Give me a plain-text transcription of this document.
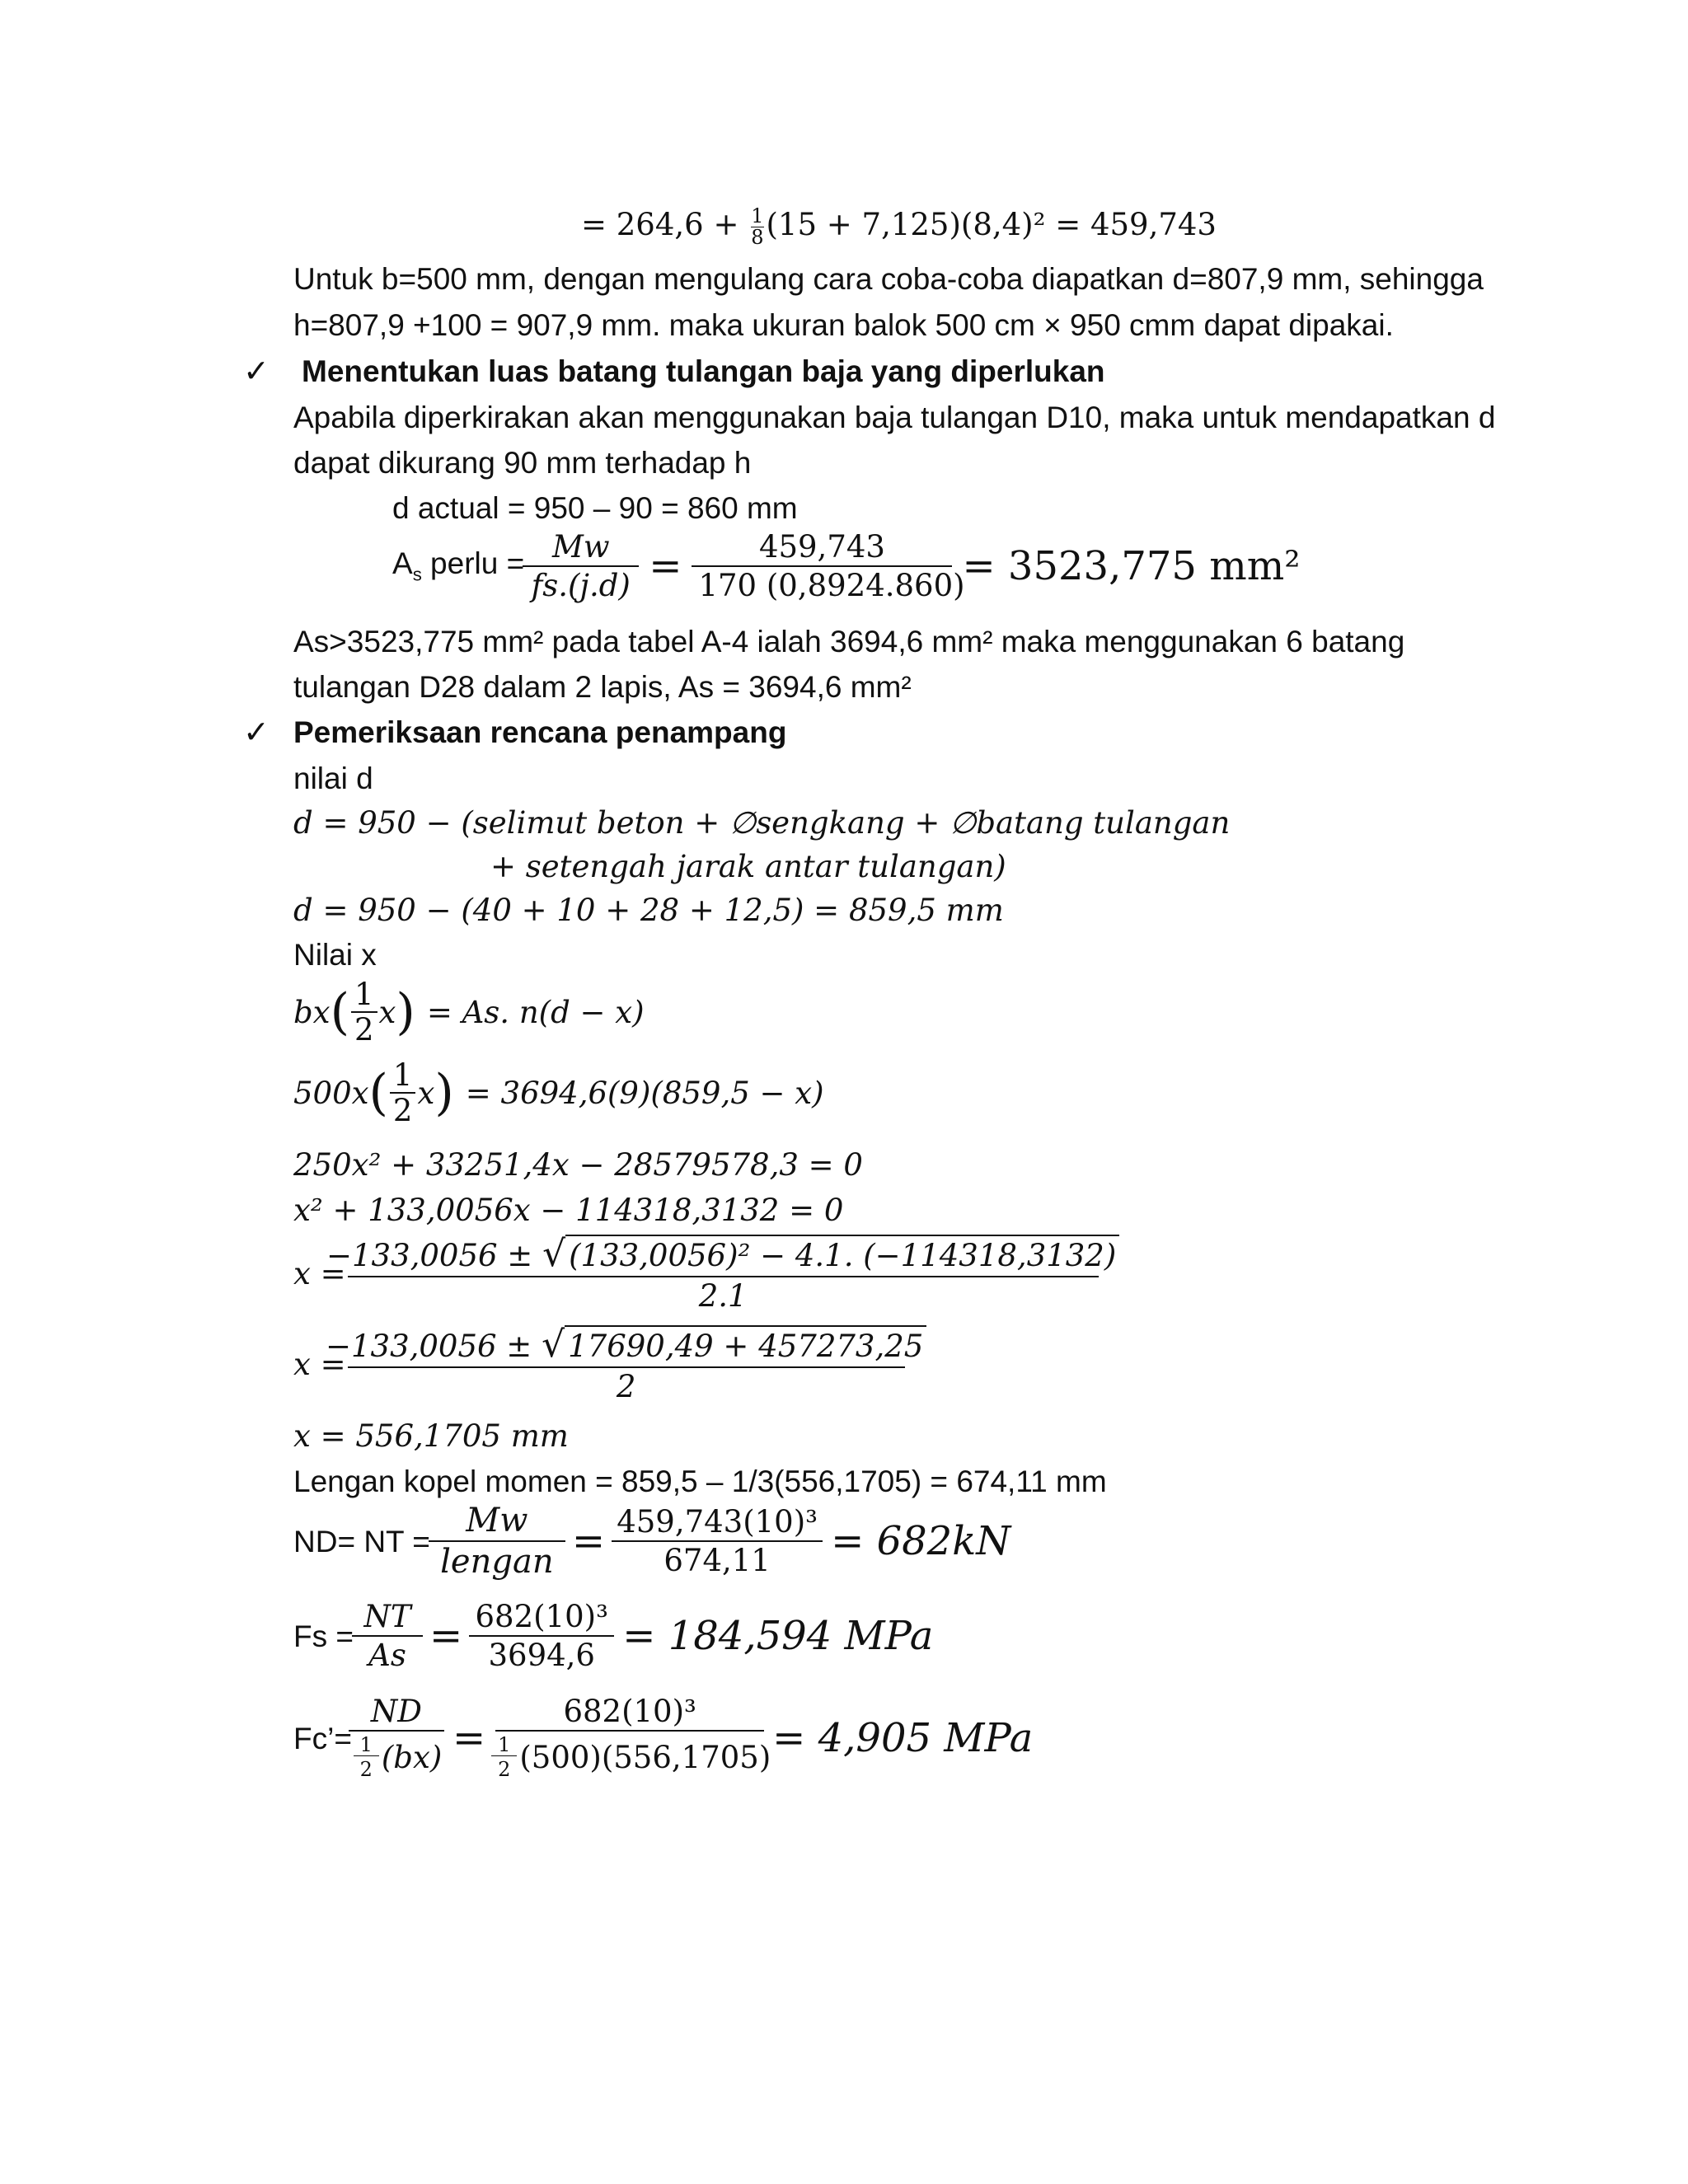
= $264,6 + \frac{1}{8} (15 + 7,125)(8,4)^2 = 459,743$
Untuk b=500 mm, dengan mengulang cara coba-coba diapatkan d=807,9 mm, sehingga
h=807,9 +100 = 907,9 mm. maka ukuran balok 500 cm × 950 cmm dapat dipakai.
✓ Menentukan luas batang tulangan baja yang diperlukan
Apabila diperkirakan akan menggunakan baja tulangan D10, maka untuk mendapatkan d
dapat dikurang 90 mm terhadap h
d actual = 950 – 90 = 860 mm
$A_s$ perlu = $\frac{Mw}{fs.(j.d)} = \frac{459,743}{170 (0,8924.860)} = 3523,775$ mm²
As>3523,775 mm² pada tabel A-4 ialah 3694,6 mm² maka menggunakan 6 batang
tulangan D28 dalam 2 lapis, As = 3694,6 mm²
✓ Pemeriksaan rencana penampang
nilai d
d = 950 − (selimut beton + ∅sengkang + ∅batang tulangan
+ setengah jarak antar tulangan)
d = 950 − (40 + 10 + 28 + 12,5) = 859,5 mm
Nilai x
bx ( $\frac{1}{2}$ x ) = As. n(d − x)
500x ( $\frac{1}{2}$ x ) = 3694,6(9)(859,5 − x)
250x² + 33251,4x − 28579578,3 = 0
x² + 133,0056x − 114318,3132 = 0
$x = \frac{\text{−133,0056 ± √ (133,0056)² − 4.1. (−114318,3132)}}{2.1}$
$x = \frac{-133,0056 \pm √ 17690,49 + 457273,25}{2}$
x = 556,1705 mm
Lengan kopel momen = 859,5 – 1/3(556,1705) = 674,11 mm
ND= NT = $\frac{Mw}{\text{lengan}} = \frac{\text{459,743(10)³}}{674,11} = 682kN$
$Fs = \frac{NT}{As} = \frac{\text{682(10)³}}{3694,6} = 184,594$ MPa
Fc’= ND
1
2 (bx) = 682(10)³
1
2 (500)(556,1705) = 4,905 MPa
